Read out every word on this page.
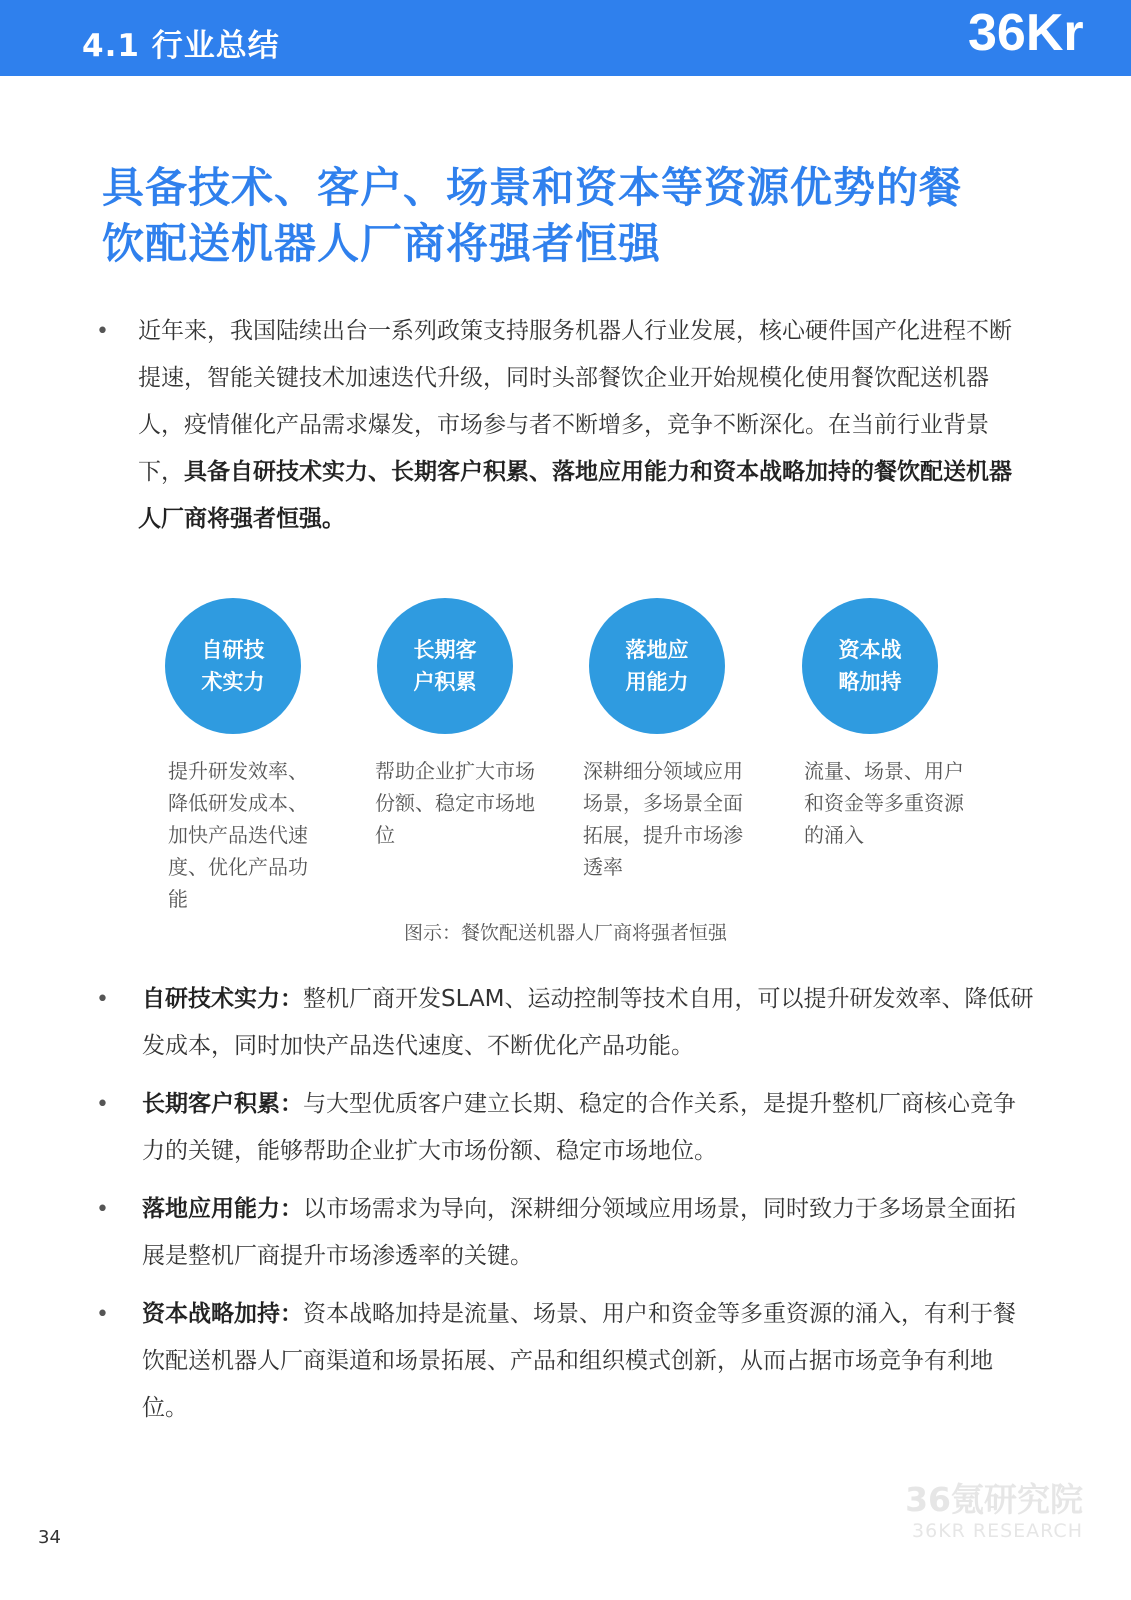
4.1 行业总结	36Kr
具备技术、客户、场景和资本等资源优势的餐
饮配送机器人厂商将强者恒强
• 近年来，我国陆续出台一系列政策支持服务机器人行业发展，核心硬件国产化进程不断提速，智能关键技术加速迭代升级，同时头部餐饮企业开始规模化使用餐饮配送机器人，疫情催化产品需求爆发，市场参与者不断增多，竞争不断深化。在当前行业背景下，具备自研技术实力、长期客户积累、落地应用能力和资本战略加持的餐饮配送机器人厂商将强者恒强。
自研技术实力
长期客户积累
落地应用能力
资本战略加持
提升研发效率、降低研发成本、加快产品迭代速度、优化产品功能
帮助企业扩大市场份额、稳定市场地位
深耕细分领域应用场景，多场景全面拓展，提升市场渗透率
流量、场景、用户和资金等多重资源的涌入
图示：餐饮配送机器人厂商将强者恒强
• 自研技术实力：整机厂商开发SLAM、运动控制等技术自用，可以提升研发效率、降低研发成本，同时加快产品迭代速度、不断优化产品功能。
• 长期客户积累：与大型优质客户建立长期、稳定的合作关系，是提升整机厂商核心竞争力的关键，能够帮助企业扩大市场份额、稳定市场地位。
• 落地应用能力：以市场需求为导向，深耕细分领域应用场景，同时致力于多场景全面拓展是整机厂商提升市场渗透率的关键。
• 资本战略加持：资本战略加持是流量、场景、用户和资金等多重资源的涌入，有利于餐饮配送机器人厂商渠道和场景拓展、产品和组织模式创新，从而占据市场竞争有利地位。
36氪研究院
36KR RESEARCH
34
